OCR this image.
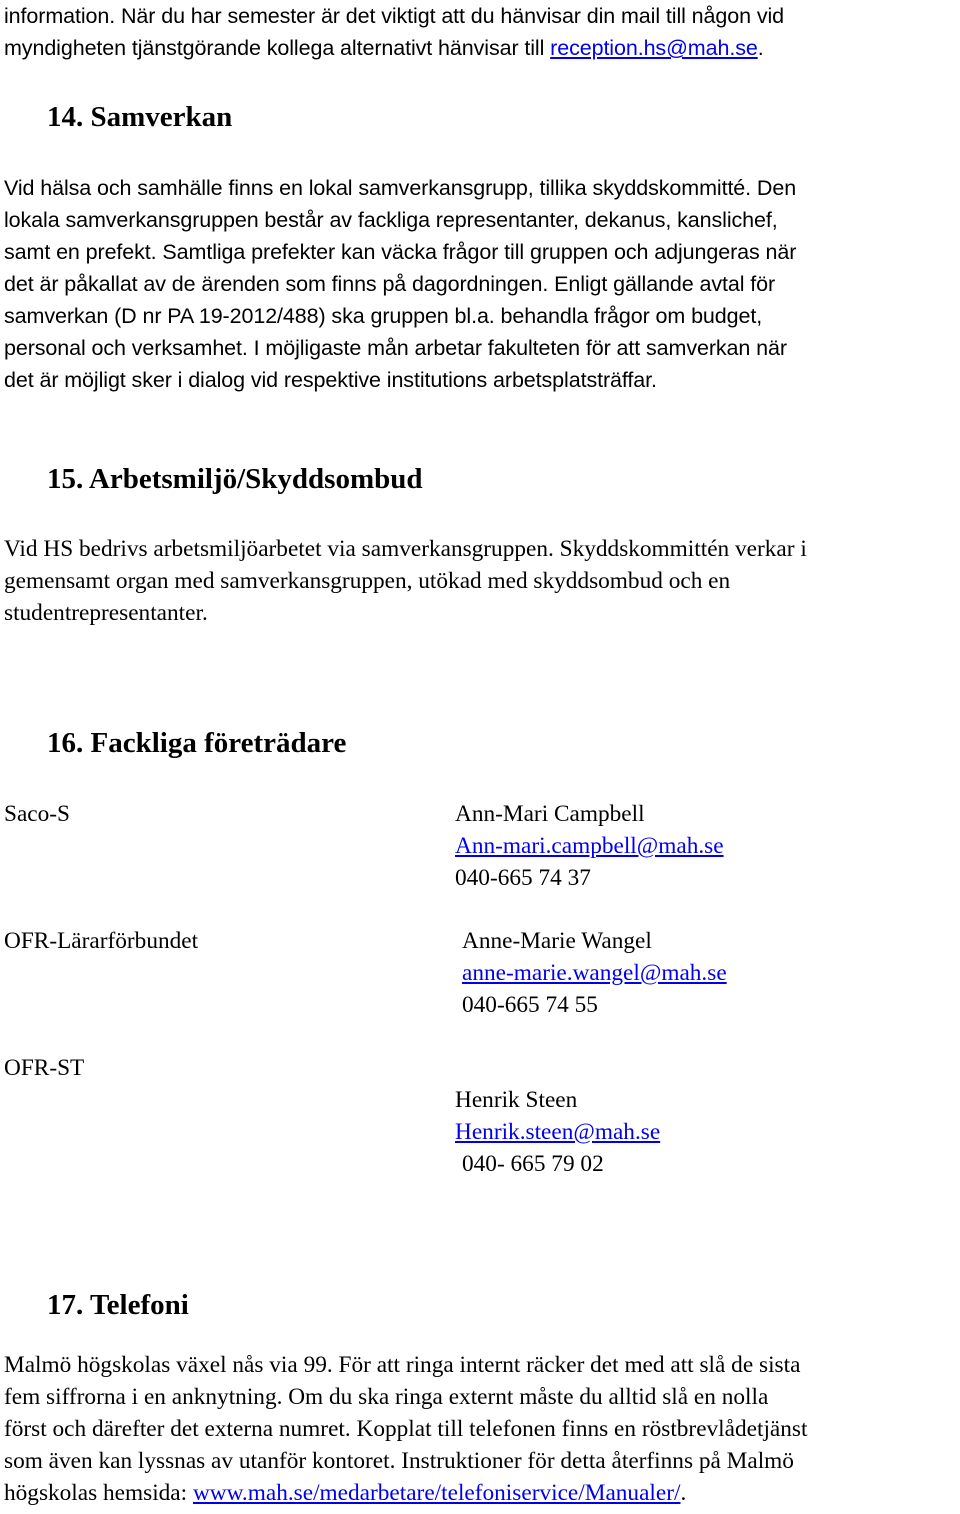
information. När du har semester är det viktigt att du hänvisar din mail till någon vid
myndigheten tjänstgörande kollega alternativt hänvisar till reception.hs@mah.se.
14. Samverkan
Vid hälsa och samhälle finns en lokal samverkansgrupp, tillika skyddskommitté. Den
lokala samverkansgruppen består av fackliga representanter, dekanus, kanslichef,
samt en prefekt. Samtliga prefekter kan väcka frågor till gruppen och adjungeras när
det är påkallat av de ärenden som finns på dagordningen. Enligt gällande avtal för
samverkan (D nr PA 19-2012/488) ska gruppen bl.a. behandla frågor om budget,
personal och verksamhet. I möjligaste mån arbetar fakulteten för att samverkan när
det är möjligt sker i dialog vid respektive institutions arbetsplatsträffar.
15. Arbetsmiljö/Skyddsombud
Vid HS bedrivs arbetsmiljöarbetet via samverkansgruppen. Skyddskommittén verkar i
gemensamt organ med samverkansgruppen, utökad med skyddsombud och en
studentrepresentanter.
16. Fackliga företrädare
Saco-S
OFR-Lärarförbundet
OFR-ST
Ann-Mari Campbell
Ann-mari.campbell@mah.se
040-665 74 37
Anne-Marie Wangel
anne-marie.wangel@mah.se
040-665 74 55
Henrik Steen
Henrik.steen@mah.se
040- 665 79 02
17. Telefoni
Malmö högskolas växel nås via 99. För att ringa internt räcker det med att slå de sista
fem siffrorna i en anknytning. Om du ska ringa externt måste du alltid slå en nolla
först och därefter det externa numret. Kopplat till telefonen finns en röstbrevlådetjänst
som även kan lyssnas av utanför kontoret. Instruktioner för detta återfinns på Malmö
högskolas hemsida: www.mah.se/medarbetare/telefoniservice/Manualer/.
